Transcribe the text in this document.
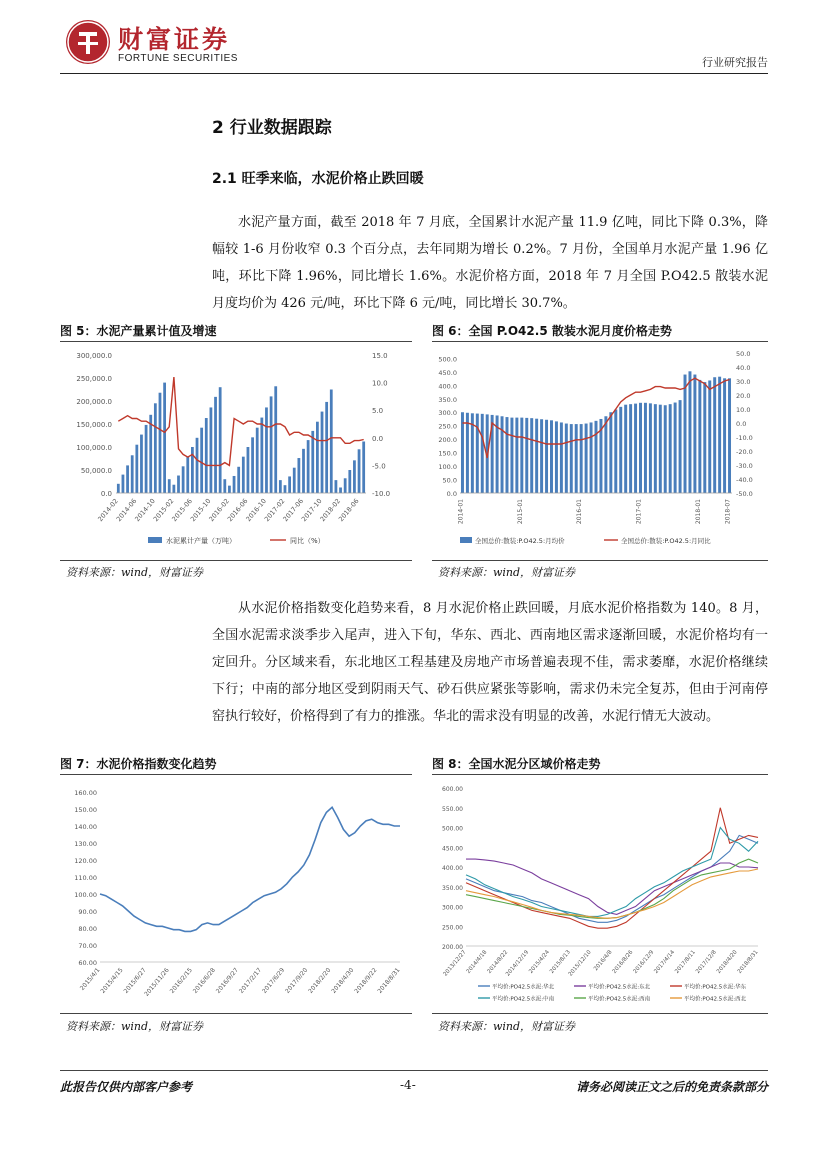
财富证券
FORTUNE SECURITIES	行业研究报告
2 行业数据跟踪
2.1 旺季来临，水泥价格止跌回暖
水泥产量方面，截至 2018 年 7 月底，全国累计水泥产量 11.9 亿吨，同比下降 0.3%，降幅较 1-6 月份收窄 0.3 个百分点，去年同期为增长 0.2%。7 月份，全国单月水泥产量 1.96 亿吨，环比下降 1.96%，同比增长 1.6%。水泥价格方面，2018 年 7 月全国 P.O42.5 散装水泥月度均价为 426 元/吨，环比下降 6 元/吨，同比增长 30.7%。
图 5：水泥产量累计值及增速
300,000.0
250,000.0
200,000.0
150,000.0
100,000.0
50,000.0
0.0
15.0
10.0
5.0
0.0
-5.0
-10.0
2014-02
2014-06
2014-10
2015-02
2015-06
2015-10
2016-02
2016-06
2016-10
2017-02
2017-06
2017-10
2018-02
2018-06
水泥累计产量（万吨）	同比（%）
资料来源：wind，财富证券
图 6：全国 P.O42.5 散装水泥月度价格走势
500.0
450.0
400.0
350.0
300.0
250.0
200.0
150.0
100.0
50.0
0.0
50.0
40.0
30.0
20.0
10.0
0.0
-10.0
-20.0
-30.0
-40.0
-50.0
2014-01	2015-01	2016-01	2017-01	2018-01	2018-07
全国总价:散装:P.O42.5:月均价	全国总价:散装:P.O42.5:月同比
资料来源：wind，财富证券
从水泥价格指数变化趋势来看，8 月水泥价格止跌回暖，月底水泥价格指数为 140。8 月，全国水泥需求淡季步入尾声，进入下旬，华东、西北、西南地区需求逐渐回暖，水泥价格均有一定回升。分区域来看，东北地区工程基建及房地产市场普遍表现不佳，需求萎靡，水泥价格继续下行；中南的部分地区受到阴雨天气、砂石供应紧张等影响，需求仍未完全复苏，但由于河南停窑执行较好，价格得到了有力的推涨。华北的需求没有明显的改善，水泥行情无大波动。
图 7：水泥价格指数变化趋势
160.00
150.00
140.00
130.00
120.00
110.00
100.00
90.00
80.00
70.00
60.00
2015/4/1
2015/4/15
2015/6/27
2015/11/26
2016/2/15
2016/6/28
2016/9/27
2017/2/17
2017/6/29
2017/9/20
2018/2/20
2018/4/30
2018/9/22
2018/8/31
资料来源：wind，财富证券
图 8：全国水泥分区域价格走势
600.00
550.00
500.00
450.00
400.00
350.00
300.00
250.00
200.00
2013/12/27
2014/4/18
2014/8/22
2014/12/19
2015/4/24
2015/8/13
2015/12/10 2016/4/8
2016/8/26
2016/12/9
2017/4/14
2017/8/11
2017/12/8
2018/4/20
2018/8/31
平均价:PO42.5水泥:华北	平均价:PO42.5水泥:东北	平均价:PO42.5水泥:华东
平均价:PO42.5水泥:中南	平均价:PO42.5水泥:西南	平均价:PO42.5水泥:西北
资料来源：wind，财富证券
此报告仅供内部客户参考	-4-	请务必阅读正文之后的免责条款部分
